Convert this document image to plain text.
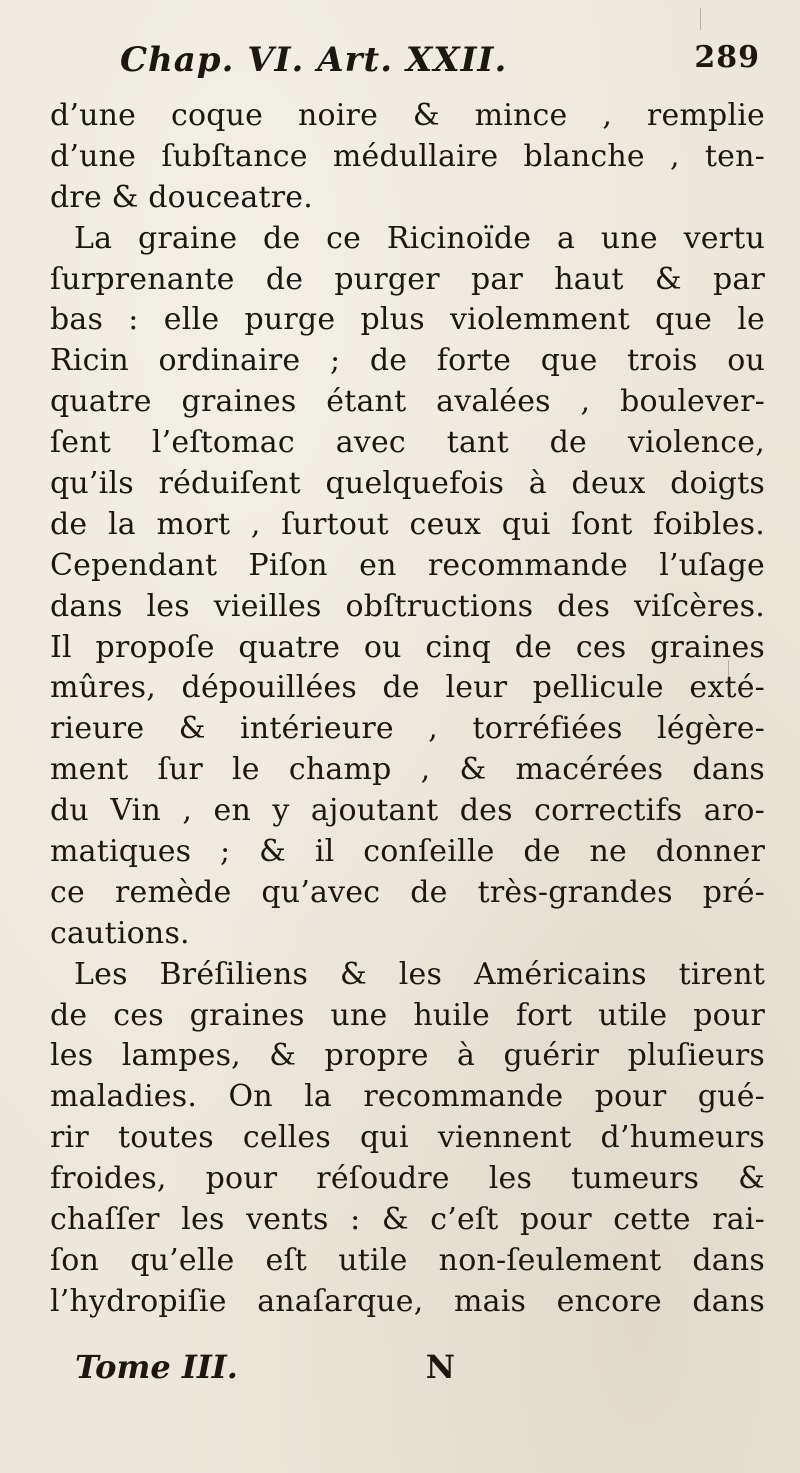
Chap. VI. Art. XXII.	289
d’une coque noire & mince , remplie
d’une ſubſtance médullaire blanche , ten-
dre & douceatre.
La graine de ce Ricinoïde a une vertu
ſurprenante de purger par haut & par
bas : elle purge plus violemment que le
Ricin ordinaire ; de forte que trois ou
quatre graines étant avalées , boulever-
ſent l’eſtomac avec tant de violence,
qu’ils réduiſent quelquefois à deux doigts
de la mort , ſurtout ceux qui ſont foibles.
Cependant Piſon en recommande l’uſage
dans les vieilles obſtructions des viſcères.
Il propoſe quatre ou cinq de ces graines
mûres, dépouillées de leur pellicule exté-
rieure & intérieure , torréfiées légère-
ment ſur le champ , & macérées dans
du Vin , en y ajoutant des correctifs aro-
matiques ; & il conſeille de ne donner
ce remède qu’avec de très-grandes pré-
cautions.
Les Bréſiliens & les Américains tirent
de ces graines une huile fort utile pour
les lampes, & propre à guérir pluſieurs
maladies. On la recommande pour gué-
rir toutes celles qui viennent d’humeurs
froides, pour réſoudre les tumeurs &
chaſſer les vents : & c’eſt pour cette rai-
ſon qu’elle eſt utile non-ſeulement dans
l’hydropiſie anaſarque, mais encore dans
Tome III.	N
